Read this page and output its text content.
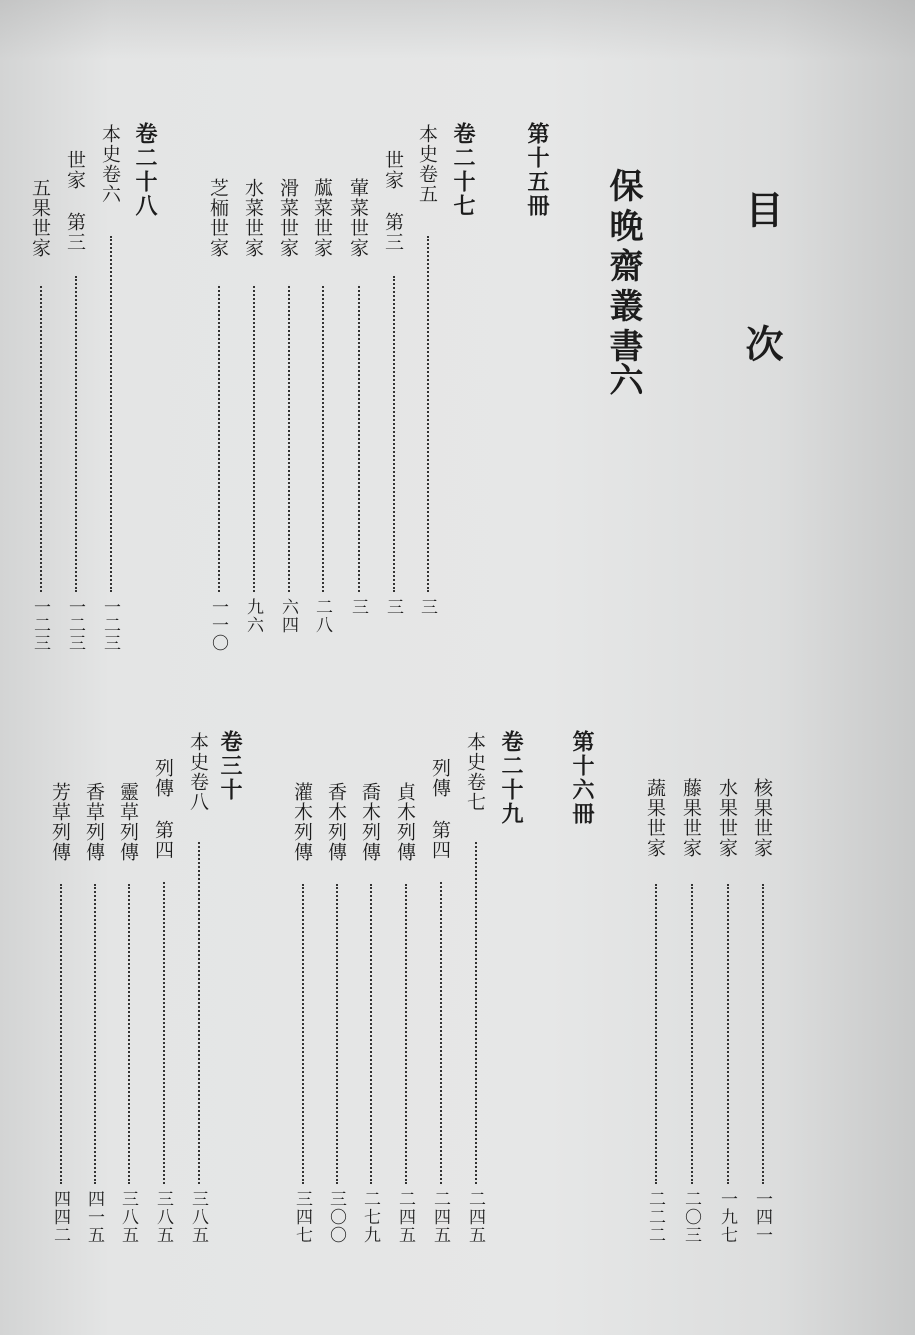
目次
保晚齋叢書
六
第十五冊
卷二十七
本史卷五
三
世家
第三
三
葷菜世家
三
蓏菜世家
二八
滑菜世家
六四
水菜世家
九六
芝栭世家
一一〇
卷二十八
本史卷六
一二三
世家
第三
一二三
五果世家
一二三
核果世家
一四一
水果世家
一九七
藤果世家
二〇三
蔬果世家
二二二
第十六冊
卷二十九
本史卷七
二四五
列傳
第四
二四五
貞木列傳
二四五
喬木列傳
二七九
香木列傳
三〇〇
灌木列傳
三四七
卷三十
本史卷八
三八五
列傳
第四
三八五
靈草列傳
三八五
香草列傳
四一五
芳草列傳
四四二
